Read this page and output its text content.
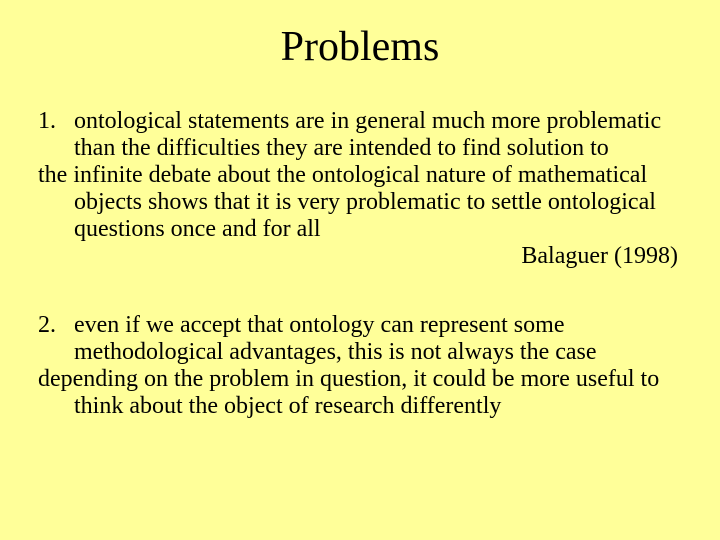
Problems

1. ontological statements are in general much more problematic than the difficulties they are intended to find solution to

the infinite debate about the ontological nature of mathematical objects shows that it is very problematic to settle ontological questions once and for all

Balaguer (1998)

2. even if we accept that ontology can represent some methodological advantages, this is not always the case

depending on the problem in question, it could be more useful to think about the object of research differently
